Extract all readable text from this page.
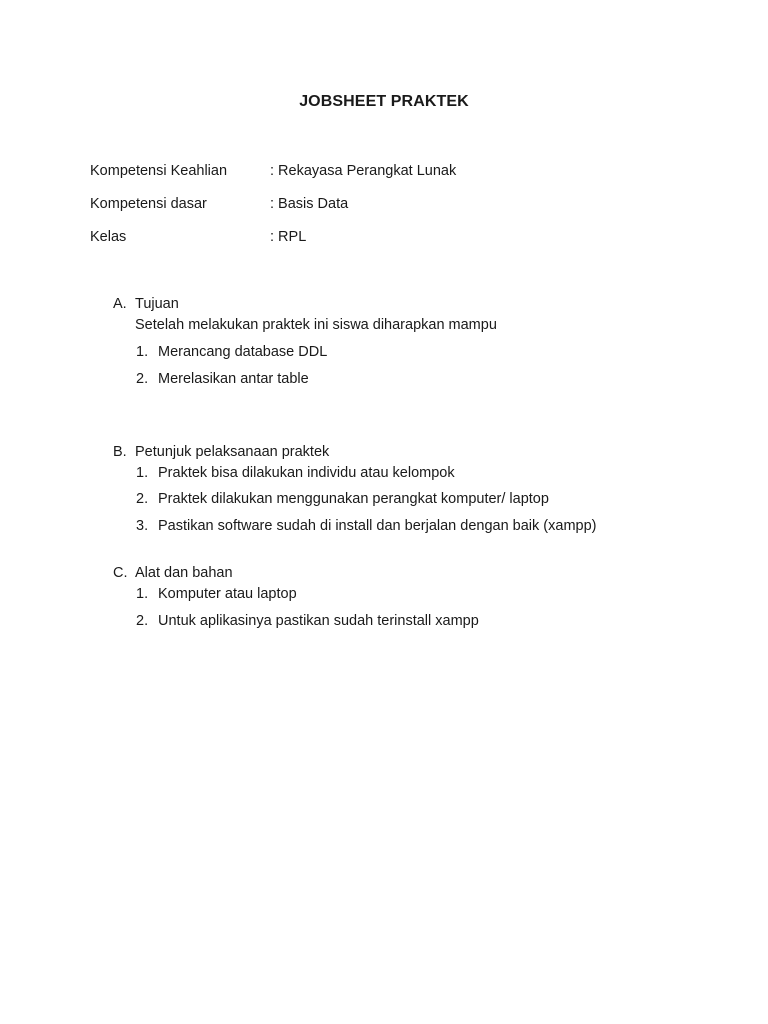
JOBSHEET PRAKTEK
Kompetensi Keahlian	: Rekayasa Perangkat Lunak
Kompetensi dasar	: Basis Data
Kelas	: RPL
A. Tujuan
Setelah melakukan praktek ini siswa diharapkan mampu
1. Merancang database DDL
2. Merelasikan antar table
B. Petunjuk pelaksanaan praktek
1. Praktek bisa dilakukan individu atau kelompok
2. Praktek dilakukan menggunakan perangkat komputer/ laptop
3. Pastikan software sudah di install dan berjalan dengan baik (xampp)
C. Alat dan bahan
1. Komputer atau laptop
2. Untuk aplikasinya pastikan sudah terinstall xampp
